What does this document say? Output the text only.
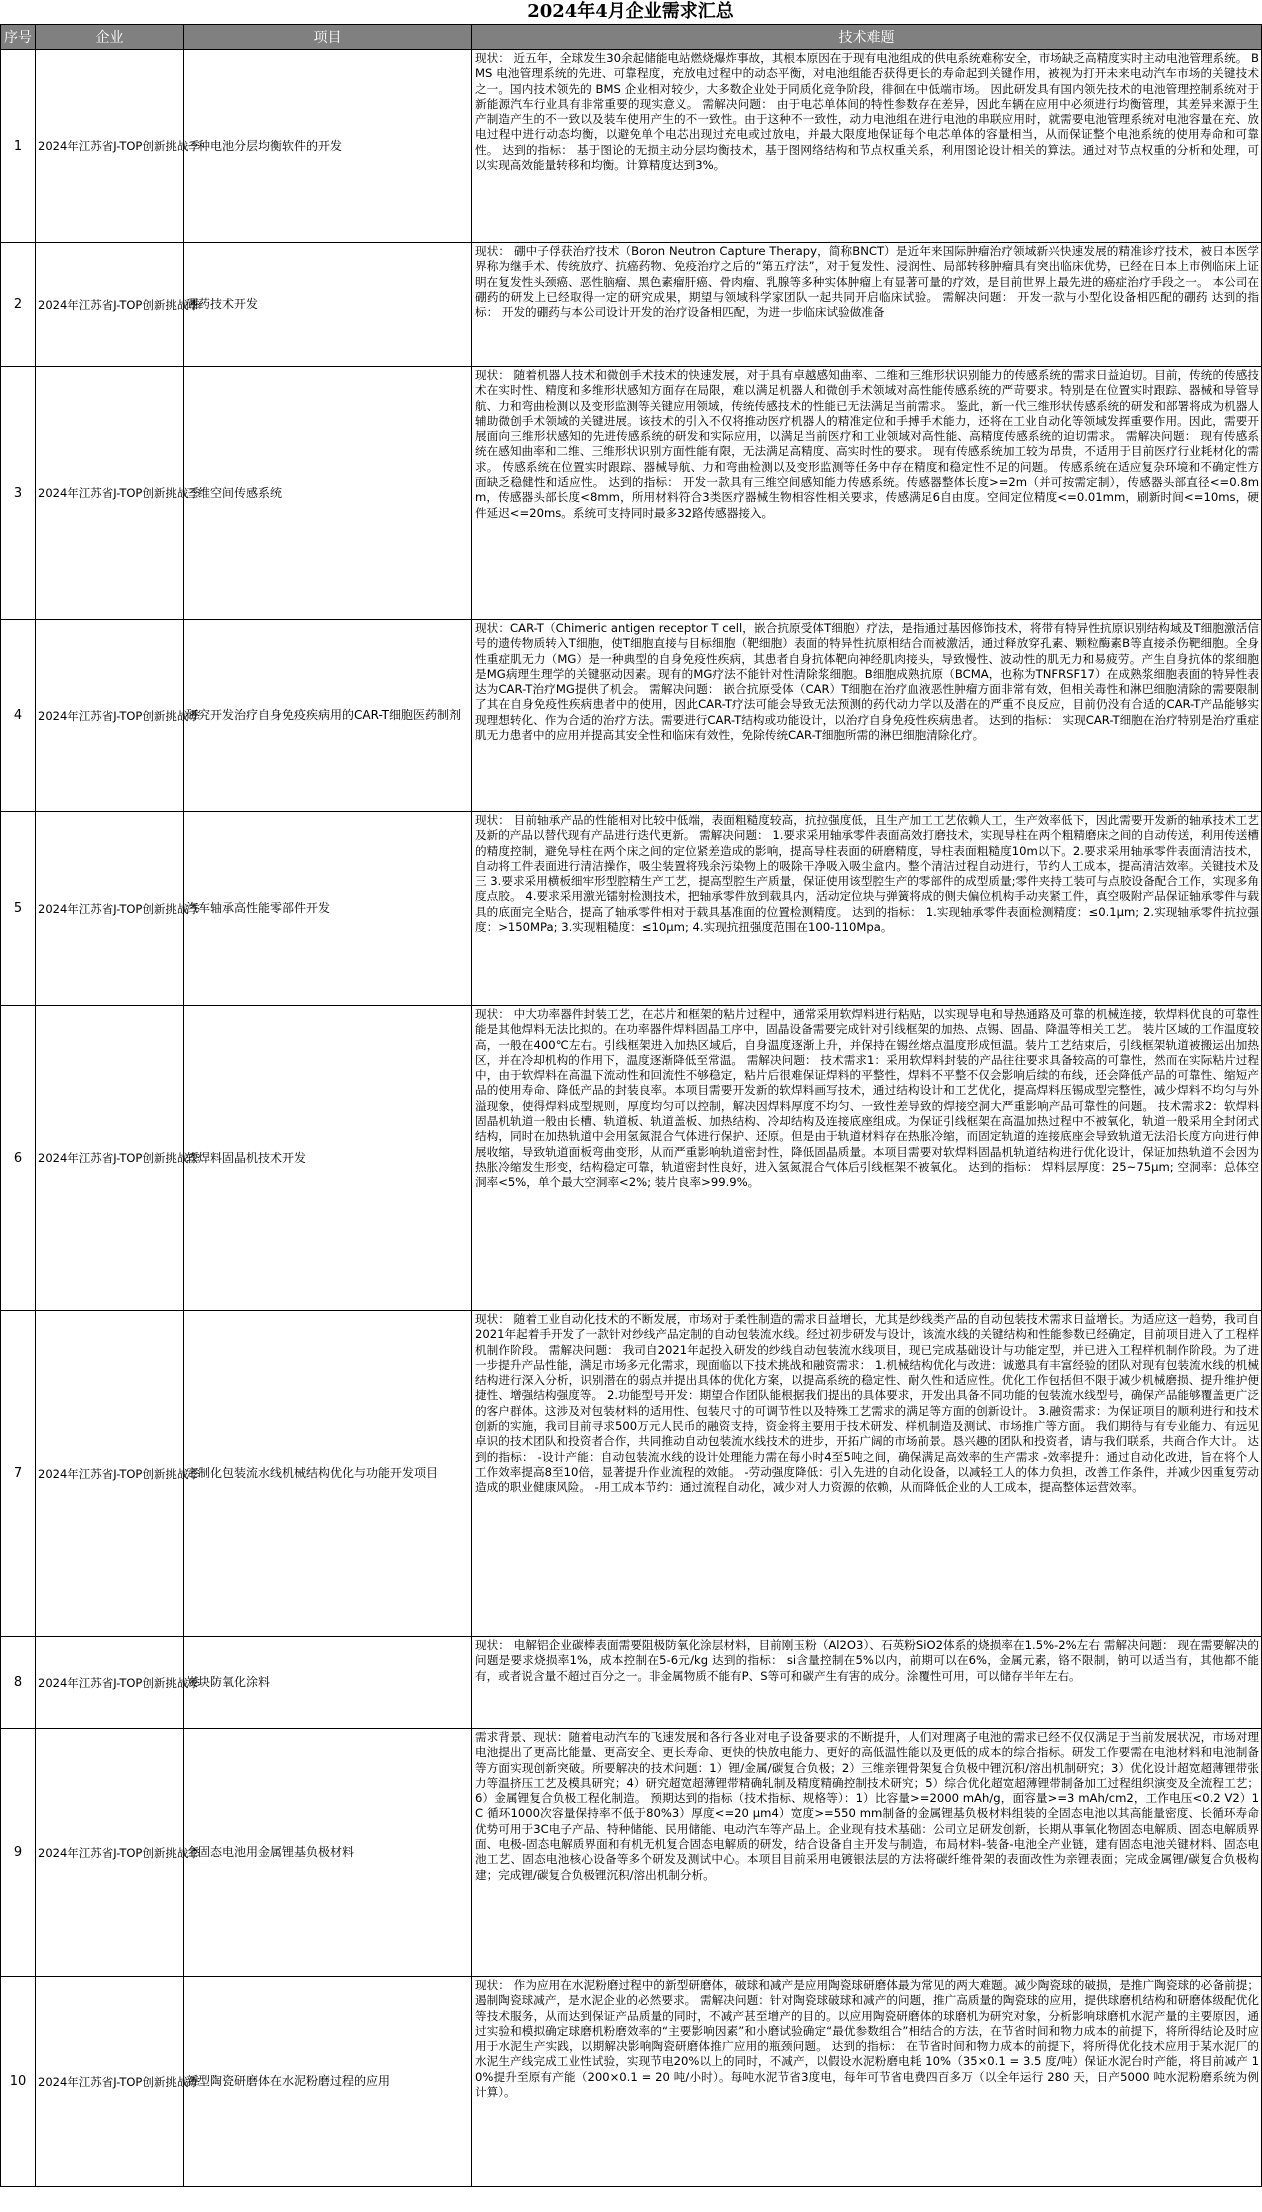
2024年4月企业需求汇总
序号	企业	项目	技术难题
1	2024年江苏省J-TOP创新挑战季	一种电池分层均衡软件的开发	现状： 近五年，全球发生30余起储能电站燃烧爆炸事故，其根本原因在于现有电池组成的供电系统难称安全，市场缺乏高精度实时主动电池管理系统。 BMS 电池管理系统的先进、可靠程度，充放电过程中的动态平衡，对电池组能否获得更长的寿命起到关键作用，被视为打开未来电动汽车市场的关键技术之一。国内技术领先的 BMS 企业相对较少，大多数企业处于同质化竞争阶段，徘徊在中低端市场。 因此研发具有国内领先技术的电池管理控制系统对于新能源汽车行业具有非常重要的现实意义。 需解决问题： 由于电芯单体间的特性参数存在差异，因此车辆在应用中必须进行均衡管理，其差异来源于生产制造产生的不一致以及装车使用产生的不一致性。由于这种不一致性，动力电池组在进行电池的串联应用时，就需要电池管理系统对电池容量在充、放电过程中进行动态均衡，以避免单个电芯出现过充电或过放电，并最大限度地保证每个电芯单体的容量相当，从而保证整个电池系统的使用寿命和可靠性。 达到的指标： 基于图论的无损主动分层均衡技术，基于图网络结构和节点权重关系，利用图论设计相关的算法。通过对节点权重的分析和处理，可以实现高效能量转移和均衡。计算精度达到3%。
2	2024年江苏省J-TOP创新挑战季	硼药技术开发	现状： 硼中子俘获治疗技术（Boron Neutron Capture Therapy，简称BNCT）是近年来国际肿瘤治疗领域新兴快速发展的精准诊疗技术，被日本医学界称为继手术、传统放疗、抗癌药物、免疫治疗之后的“第五疗法”，对于复发性、浸润性、局部转移肿瘤具有突出临床优势，已经在日本上市例临床上证明在复发性头颈癌、恶性脑瘤、黑色素瘤肝癌、骨肉瘤、乳腺等多种实体肿瘤上有显著可量的疗效，是目前世界上最先进的癌症治疗手段之一。 本公司在硼药的研发上已经取得一定的研究成果，期望与领域科学家团队一起共同开启临床试验。 需解决问题： 开发一款与小型化设备相匹配的硼药 达到的指标： 开发的硼药与本公司设计开发的治疗设备相匹配，为进一步临床试验做准备
3	2024年江苏省J-TOP创新挑战季	三维空间传感系统	现状： 随着机器人技术和微创手术技术的快速发展，对于具有卓越感知曲率、二维和三维形状识别能力的传感系统的需求日益迫切。目前，传统的传感技术在实时性、精度和多维形状感知方面存在局限，难以满足机器人和微创手术领域对高性能传感系统的严苛要求。特别是在位置实时跟踪、器械和导管导航、力和弯曲检测以及变形监测等关键应用领域，传统传感技术的性能已无法满足当前需求。 鉴此，新一代三维形状传感系统的研发和部署将成为机器人辅助微创手术领域的关键进展。该技术的引入不仅将推动医疗机器人的精准定位和手搏手术能力，还将在工业自动化等领域发挥重要作用。因此，需要开展面向三维形状感知的先进传感系统的研发和实际应用，以满足当前医疗和工业领域对高性能、高精度传感系统的迫切需求。 需解决问题： 现有传感系统在感知曲率和二维、三维形状识别方面性能有限，无法满足高精度、高实时性的要求。 现有传感系统加工较为昂贵，不适用于目前医疗行业耗材化的需求。 传感系统在位置实时跟踪、器械导航、力和弯曲检测以及变形监测等任务中存在精度和稳定性不足的问题。 传感系统在适应复杂环境和不确定性方面缺乏稳健性和适应性。 达到的指标： 开发一款具有三维空间感知能力传感系统。传感器整体长度>=2m（并可按需定制），传感器头部直径<=0.8mm，传感器头部长度<8mm，所用材料符合3类医疗器械生物相容性相关要求，传感满足6自由度。空间定位精度<=0.01mm，刷新时间<=10ms，硬件延迟<=20ms。系统可支持同时最多32路传感器接入。
4	2024年江苏省J-TOP创新挑战季	研究开发治疗自身免疫疾病用的CAR-T细胞医药制剂	现状：CAR-T（Chimeric antigen receptor T cell，嵌合抗原受体T细胞）疗法，是指通过基因修饰技术，将带有特异性抗原识别结构域及T细胞激活信号的遗传物质转入T细胞，使T细胞直接与目标细胞（靶细胞）表面的特异性抗原相结合而被激活，通过释放穿孔素、颗粒酶素B等直接杀伤靶细胞。全身性重症肌无力（MG）是一种典型的自身免疫性疾病，其患者自身抗体靶向神经肌肉接头，导致慢性、波动性的肌无力和易疲劳。产生自身抗体的浆细胞是MG病理生理学的关键驱动因素。现有的MG疗法不能针对性清除浆细胞。B细胞成熟抗原（BCMA，也称为TNFRSF17）在成熟浆细胞表面的特异性表达为CAR-T治疗MG提供了机会。 需解决问题： 嵌合抗原受体（CAR）T细胞在治疗血液恶性肿瘤方面非常有效，但相关毒性和淋巴细胞清除的需要限制了其在自身免疫性疾病患者中的使用，因此CAR-T疗法可能会导致无法预测的药代动力学以及潜在的严重不良反应，目前仍没有合适的CAR-T产品能够实现理想转化、作为合适的治疗方法。需要进行CAR-T结构或功能设计，以治疗自身免疫性疾病患者。 达到的指标： 实现CAR-T细胞在治疗特别是治疗重症肌无力患者中的应用并提高其安全性和临床有效性，免除传统CAR-T细胞所需的淋巴细胞清除化疗。
5	2024年江苏省J-TOP创新挑战季	汽车轴承高性能零部件开发	现状： 目前轴承产品的性能相对比较中低端，表面粗糙度较高，抗拉强度低，且生产加工工艺依赖人工，生产效率低下，因此需要开发新的轴承技术工艺及新的产品以替代现有产品进行迭代更新。 需解决问题： 1.要求采用轴承零件表面高效打磨技术，实现导柱在两个粗精磨床之间的自动传送，利用传送槽的精度控制，避免导柱在两个床之间的定位紧差造成的影响，提高导柱表面的研磨精度，导柱表面粗糙度10m以下。2.要求采用轴承零件表面清洁技术，自动将工件表面进行清洁操作，吸尘装置将残余污染物上的吸除干净吸入吸尘盒内。整个清洁过程自动进行，节约人工成本，提高清洁效率。关键技术及三 3.要求采用横板细牢形型腔精生产工艺，提高型腔生产质量，保证使用该型腔生产的零部件的成型质量;零件夹持工装可与点胶设备配合工作，实现多角度点胶。 4.要求采用激光镭射检测技术，把轴承零件放到载具内，活动定位块与弹簧将成的侧夫偏位机构手动夹紧工件，真空吸附产品保证轴承零件与载具的底面完全贴合，提高了轴承零件相对于载具基准面的位置检测精度。 达到的指标： 1.实现轴承零件表面检测精度：≤0.1μm; 2.实现轴承零件抗拉强度：>150MPa; 3.实现粗糙度：≤10μm; 4.实现抗扭强度范围在100-110Mpa。
6	2024年江苏省J-TOP创新挑战季	软焊料固晶机技术开发	现状： 中大功率器件封装工艺，在芯片和框架的粘片过程中，通常采用软焊料进行粘贴，以实现导电和导热通路及可靠的机械连接，软焊料优良的可靠性能是其他焊料无法比拟的。在功率器件焊料固晶工序中，固晶设备需要完成针对引线框架的加热、点锡、固晶、降温等相关工艺。 装片区域的工作温度较高，一般在400℃左右。引线框架进入加热区域后，自身温度逐渐上升，并保持在锡丝熔点温度形成恒温。装片工艺结束后，引线框架轨道被搬运出加热区，并在冷却机构的作用下，温度逐渐降低至常温。 需解决问题： 技术需求1：采用软焊料封装的产品往往要求具备较高的可靠性，然而在实际粘片过程中，由于软焊料在高温下流动性和回流性不够稳定，粘片后很难保证焊料的平整性，焊料不平整不仅会影响后续的布线，还会降低产品的可靠性、缩短产品的使用寿命、降低产品的封装良率。本项目需要开发新的软焊料画写技术，通过结构设计和工艺优化，提高焊料压锡成型完整性，减少焊料不均匀与外溢现象，使得焊料成型规则，厚度均匀可以控制，解决因焊料厚度不均匀、一致性差导致的焊接空洞大严重影响产品可靠性的问题。 技术需求2：软焊料固晶机轨道一般由长槽、轨道板、轨道盖板、加热结构、冷却结构及连接底座组成。为保证引线框架在高温加热过程中不被氧化，轨道一般采用全封闭式结构，同时在加热轨道中会用氢氮混合气体进行保护、还原。但是由于轨道材料存在热胀冷缩，而固定轨道的连接底座会导致轨道无法沿长度方向进行伸展收缩，导致轨道面板弯曲变形，从而严重影响轨道密封性，降低固晶质量。本项目需要对软焊料固晶机轨道结构进行优化设计，保证加热轨道不会因为热胀冷缩发生形变，结构稳定可靠，轨道密封性良好，进入氢氮混合气体后引线框架不被氧化。 达到的指标： 焊料层厚度：25~75μm; 空洞率：总体空洞率<5%，单个最大空洞率<2%; 装片良率>99.9%。
7	2024年江苏省J-TOP创新挑战季	定制化包装流水线机械结构优化与功能开发项目	现状： 随着工业自动化技术的不断发展，市场对于柔性制造的需求日益增长，尤其是纱线类产品的自动包装技术需求日益增长。为适应这一趋势，我司自2021年起着手开发了一款针对纱线产品定制的自动包装流水线。经过初步研发与设计，该流水线的关键结构和性能参数已经确定，目前项目进入了工程样机制作阶段。 需解决问题： 我司自2021年起投入研发的纱线自动包装流水线项目，现已完成基础设计与功能定型，并已进入工程样机制作阶段。为了进一步提升产品性能，满足市场多元化需求，现面临以下技术挑战和融资需求： 1.机械结构优化与改进：诚邀具有丰富经验的团队对现有包装流水线的机械结构进行深入分析，识别潜在的弱点并提出具体的优化方案，以提高系统的稳定性、耐久性和适应性。优化工作包括但不限于减少机械磨损、提升维护便捷性、增强结构强度等。 2.功能型号开发：期望合作团队能根据我们提出的具体要求，开发出具备不同功能的包装流水线型号，确保产品能够覆盖更广泛的客户群体。这涉及对包装材料的适用性、包装尺寸的可调节性以及特殊工艺需求的满足等方面的创新设计。 3.融资需求：为保证项目的顺利进行和技术创新的实施，我司目前寻求500万元人民币的融资支持，资金将主要用于技术研发、样机制造及测试、市场推广等方面。 我们期待与有专业能力、有远见卓识的技术团队和投资者合作，共同推动自动包装流水线技术的进步，开拓广阔的市场前景。恳兴趣的团队和投资者，请与我们联系，共商合作大计。 达到的指标： -设计产能：自动包装流水线的设计处理能力需在每小时4至5吨之间，确保满足高效率的生产需求 -效率提升：通过自动化改进，旨在将个人工作效率提高8至10倍，显著提升作业流程的效能。 -劳动强度降低：引入先进的自动化设备，以减轻工人的体力负担，改善工作条件，并减少因重复劳动造成的职业健康风险。 -用工成本节约：通过流程自动化，减少对人力资源的依赖，从而降低企业的人工成本，提高整体运营效率。
8	2024年江苏省J-TOP创新挑战季	炭块防氧化涂料	现状： 电解铝企业碳棒表面需要阻极防氧化涂层材料，目前刚玉粉（Al2O3）、石英粉SiO2体系的烧损率在1.5%-2%左右 需解决问题： 现在需要解决的问题是要求烧损率1%，成本控制在5-6元/kg 达到的指标： si含量控制在5%以内，前期可以在6%，金属元素，铬不限制，钠可以适当有，其他都不能有，或者说含量不超过百分之一。非金属物质不能有P、S等可和碳产生有害的成分。涂覆性可用，可以储存半年左右。
9	2024年江苏省J-TOP创新挑战季	全固态电池用金属锂基负极材料	需求背景、现状：随着电动汽车的飞速发展和各行各业对电子设备要求的不断提升，人们对理离子电池的需求已经不仅仅满足于当前发展状况，市场对理电池提出了更高比能量、更高安全、更长寿命、更快的快放电能力、更好的高低温性能以及更低的成本的综合指标。研发工作要需在电池材料和电池制备等方面实现创新突破。所要解决的技术问题：1）锂/金属/碳复合负极；2）三维亲锂骨架复合负极中锂沉积/溶出机制研究；3）优化设计超宽超薄锂带张力等温挤压工艺及模具研究；4）研究超宽超薄锂带精确轧制及精度精确控制技术研究；5）综合优化超宽超薄锂带制备加工过程组织演变及全流程工艺；6）金属锂复合负极工程化制造。 预期达到的指标（技术指标、规格等）：1）比容量>=2000 mAh/g，面容量>=3 mAh/cm2，工作电压<0.2 V2）1 C 循环1000次容量保持率不低于80%3）厚度<=20 μm4）宽度>=550 mm制备的金属锂基负极材料组装的全固态电池以其高能量密度、长循环寿命优势可用于3C电子产品、特种储能、民用储能、电动汽车等产品上。企业现有技术基础：公司立足研发创新，长期从事氧化物固态电解质、固态电解质界面、电极-固态电解质界面和有机无机复合固态电解质的研发，结合设备自主开发与制造，布局材料-装备-电池全产业链，建有固态电池关键材料、固态电池工艺、固态电池核心设备等多个研发及测试中心。本项目目前采用电镀银法层的方法将碳纤维骨架的表面改性为亲锂表面；完成金属锂/碳复合负极构建；完成锂/碳复合负极锂沉积/溶出机制分析。
10	2024年江苏省J-TOP创新挑战季	新型陶瓷研磨体在水泥粉磨过程的应用	现状： 作为应用在水泥粉磨过程中的新型研磨体，破球和减产是应用陶瓷球研磨体最为常见的两大难题。减少陶瓷球的破损，是推广陶瓷球的必备前提；遏制陶瓷球减产，是水泥企业的必然要求。 需解决问题：针对陶瓷球破球和减产的问题，推广高质量的陶瓷球的应用，提供球磨机结构和研磨体级配优化等技术服务，从而达到保证产品质量的同时，不减产甚至增产的目的。以应用陶瓷研磨体的球磨机为研究对象，分析影响球磨机水泥产量的主要原因，通过实验和模拟确定球磨机粉磨效率的“主要影响因素”和小磨试验确定“最优参数组合”相结合的方法，在节省时间和物力成本的前提下，将所得结论及时应用于水泥生产实践，以期解决影响陶瓷研磨体推广应用的瓶颈问题。 达到的指标： 在节省时间和物力成本的前提下，将所得优化技术应用于某水泥厂的水泥生产线完成工业性试验，实现节电20%以上的同时，不减产，以假设水泥粉磨电耗 10%（35×0.1 = 3.5 度/吨）保证水泥台时产能，将目前减产 10%提升至原有产能（200×0.1 = 20 吨/小时）。每吨水泥节省3度电，每年可节省电费四百多万（以全年运行 280 天，日产5000 吨水泥粉磨系统为例计算）。
